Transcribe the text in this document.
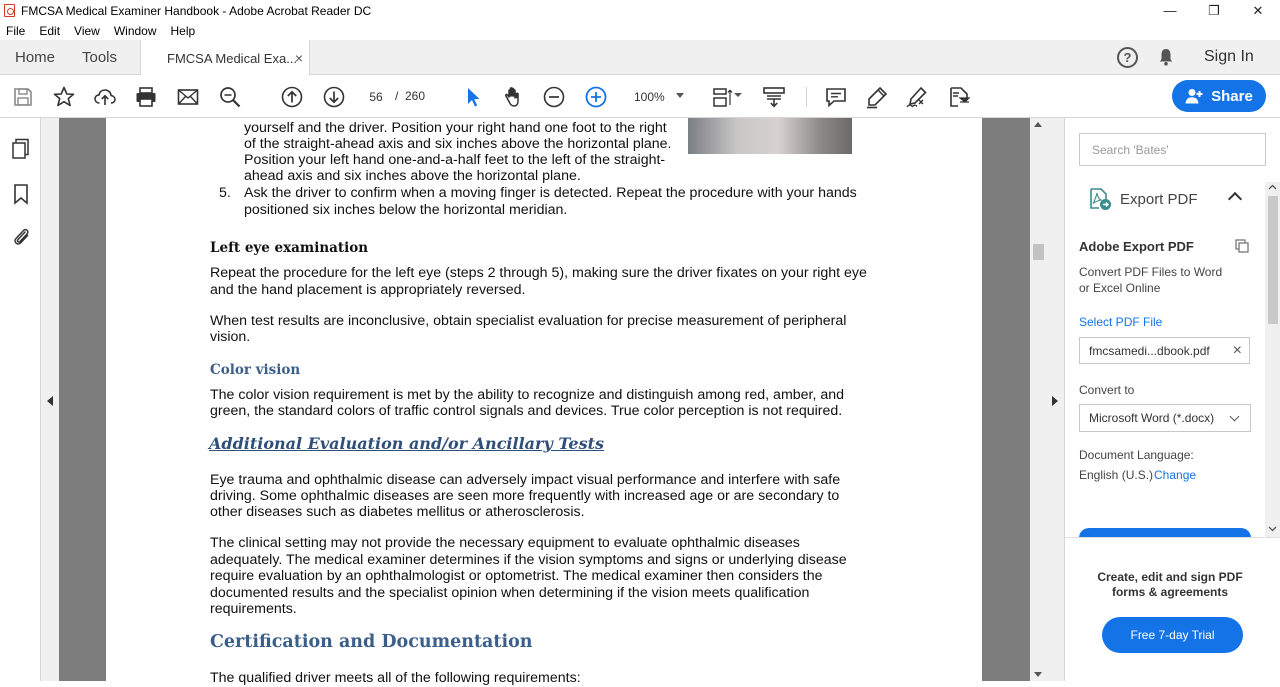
FMCSA Medical Examiner Handbook - Adobe Acrobat Reader DC	—	❐	✕
File Edit View Window Help
Home Tools	FMCSA Medical Exa...
×	?	Sign In
56	/ 260	100%	Share
yourself and the driver. Position your right hand one foot to the right
of the straight-ahead axis and six inches above the horizontal plane.
Position your left hand one-and-a-half feet to the left of the straight-
ahead axis and six inches above the horizontal plane.
5. Ask the driver to confirm when a moving finger is detected. Repeat the procedure with your hands
positioned six inches below the horizontal meridian.
Left eye examination
Repeat the procedure for the left eye (steps 2 through 5), making sure the driver fixates on your right eye
and the hand placement is appropriately reversed.
When test results are inconclusive, obtain specialist evaluation for precise measurement of peripheral
vision.
Color vision
The color vision requirement is met by the ability to recognize and distinguish among red, amber, and
green, the standard colors of traffic control signals and devices. True color perception is not required.
Additional Evaluation and/or Ancillary Tests
Eye trauma and ophthalmic disease can adversely impact visual performance and interfere with safe
driving. Some ophthalmic diseases are seen more frequently with increased age or are secondary to
other diseases such as diabetes mellitus or atherosclerosis.
The clinical setting may not provide the necessary equipment to evaluate ophthalmic diseases
adequately. The medical examiner determines if the vision symptoms and signs or underlying disease
require evaluation by an ophthalmologist or optometrist. The medical examiner then considers the
documented results and the specialist opinion when determining if the vision meets qualification
requirements.
Certification and Documentation
The qualified driver meets all of the following requirements:
Search 'Bates'
Export PDF
Adobe Export PDF
Convert PDF Files to Word
or Excel Online
Select PDF File
fmcsamedi...dbook.pdf ×
Convert to
Microsoft Word (*.docx)
Document Language:
English (U.S.) Change
Create, edit and sign PDF
forms & agreements
Free 7-day Trial
